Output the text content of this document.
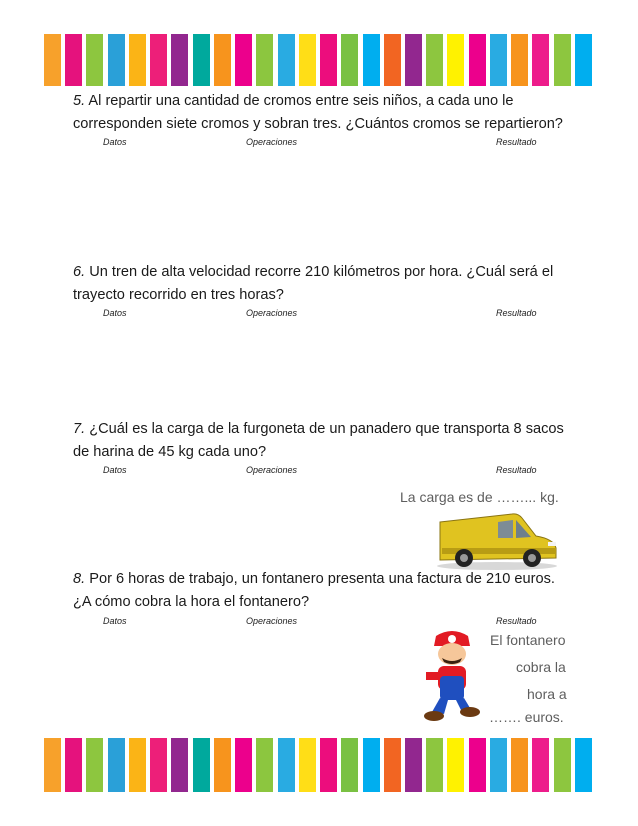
5. Al repartir una cantidad de cromos entre seis niños, a cada uno le
corresponden siete cromos y sobran tres. ¿Cuántos cromos se repartieron?
Datos	Operaciones	Resultado
6. Un tren de alta velocidad recorre 210 kilómetros por hora. ¿Cuál será el
trayecto recorrido en tres horas?
Datos	Operaciones	Resultado
7. ¿Cuál es la carga de la furgoneta de un panadero que transporta 8 sacos
de harina de 45 kg cada uno?
Datos	Operaciones	Resultado
La carga es de ……... kg.
8. Por 6 horas de trabajo, un fontanero presenta una factura de 210 euros.
¿A cómo cobra la hora el fontanero?
Datos	Operaciones	Resultado
El fontanero
cobra la
hora a
……. euros.
